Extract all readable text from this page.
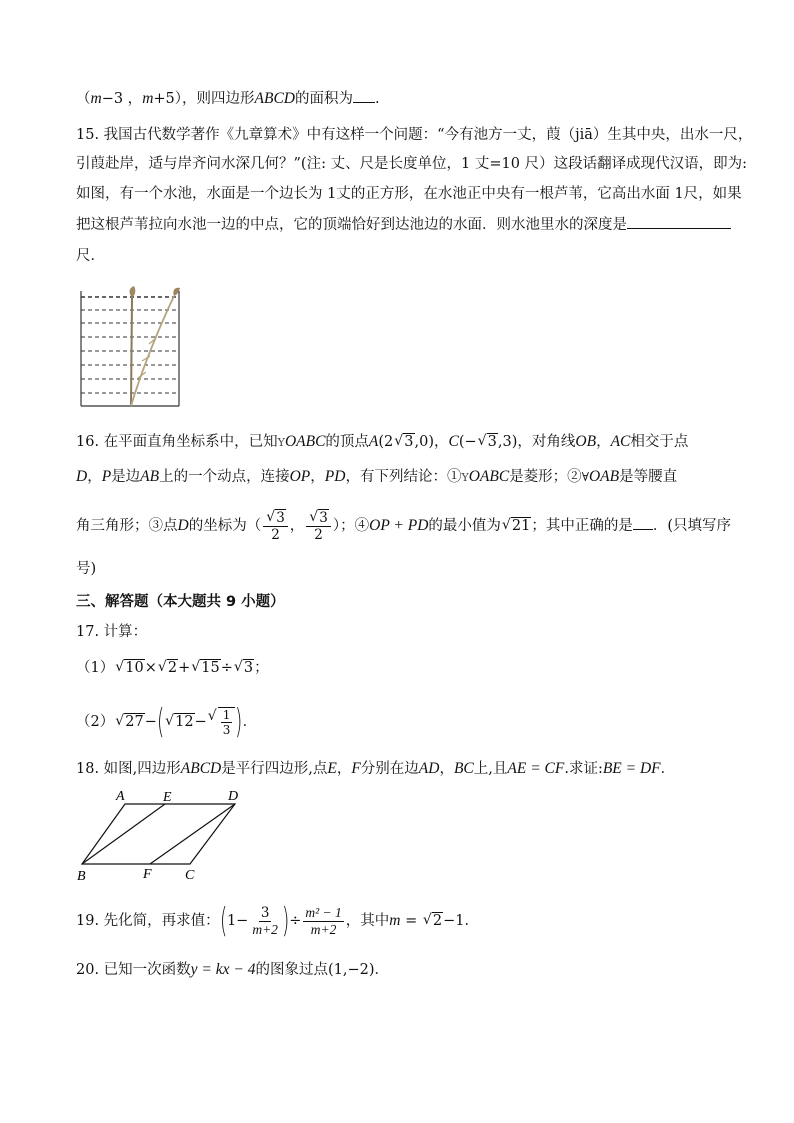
（m−3 ，m+5），则四边形ABCD的面积为 .
15. 我国古代数学著作《九章算术》中有这样一个问题：“今有池方一丈，葭（jiā）生其中央，出水一尺，
引葭赴岸，适与岸齐问水深几何？”(注: 丈、尺是长度单位，1 丈=10 尺）这段话翻译成现代汉语，即为:
如图，有一个水池，水面是一个边长为 1丈的正方形，在水池正中央有一根芦苇，它高出水面 1尺，如果
把这根芦苇拉向水池一边的中点，它的顶端恰好到达池边的水面．则水池里水的深度是
尺．
16. 在平面直角坐标系中，已知YOABC的顶点A(2 √ 3,0)，C(− √ 3,3)，对角线OB，AC相交于点
D，P是边AB上的一个动点，连接OP，PD，有下列结论：①YOABC是菱形；②∀OAB是等腰直
角三角形；③点D的坐标为（ $\frac{√ 3}{2}$ ， $\frac{√ 3}{2}$ ）；④OP + PD的最小值为 √ 21；其中正确的是 ．(只填写序
号)
三、解答题（本大题共 9 小题）
17. 计算：
（1） √ 10× √ 2+ √ 15÷ √ 3；
（2） √ 27−( √ 12− √ $\frac{1}{3}$ )．
18. 如图,四边形ABCD是平行四边形,点E，F分别在边AD，BC上,且AE = CF.求证:BE = DF．
A	E	D
B	F C
19. 先化简，再求值：($1- \frac{3}{m+2}$ )÷ $\frac{\text{m² − 1}}{m+2}$ ，其中m = √ 2−1．
20. 已知一次函数y = kx − 4的图象过点(1,−2)．
